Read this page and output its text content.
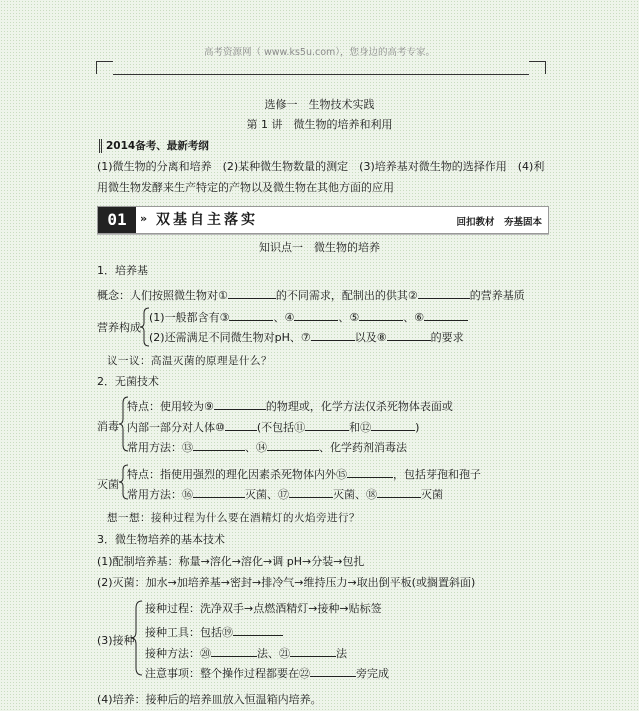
高考资源网（ www.ks5u.com），您身边的高考专家。
选修一　生物技术实践
第 1 讲　微生物的培养和利用
2014备考、最新考纲
(1)微生物的分离和培养　(2)某种微生物数量的测定　(3)培养基对微生物的选择作用　(4)利
用微生物发酵来生产特定的产物以及微生物在其他方面的应用
01	» 双基自主落实	回扣教材　夯基固本
知识点一　微生物的培养
1．培养基
概念：人们按照微生物对①	的不同需求，配制出的供其②	的营养基质
营养构成
(1)一般都含有③	、④	、⑤	、⑥
(2)还需满足不同微生物对pH、⑦	以及⑧	的要求
议一议：高温灭菌的原理是什么？
2．无菌技术
消毒
特点：使用较为⑨	的物理或，化学方法仅杀死物体表面或
内部一部分对人体⑩	(不包括⑪	和⑫	)
常用方法：⑬	、⑭	、化学药剂消毒法
灭菌
特点：指使用强烈的理化因素杀死物体内外⑮	，包括芽孢和孢子
常用方法：⑯	灭菌、⑰	灭菌、⑱	灭菌
想一想：接种过程为什么要在酒精灯的火焰旁进行？
3．微生物培养的基本技术
(1)配制培养基：称量→溶化→溶化→调 pH→分装→包扎
(2)灭菌：加水→加培养基→密封→排冷气→维持压力→取出倒平板(或搁置斜面)
(3)接种
接种过程：洗净双手→点燃酒精灯→接种→贴标签
接种工具：包括⑲
接种方法：⑳	法、㉑	法
注意事项：整个操作过程都要在㉒	旁完成
(4)培养：接种后的培养皿放入恒温箱内培养。
